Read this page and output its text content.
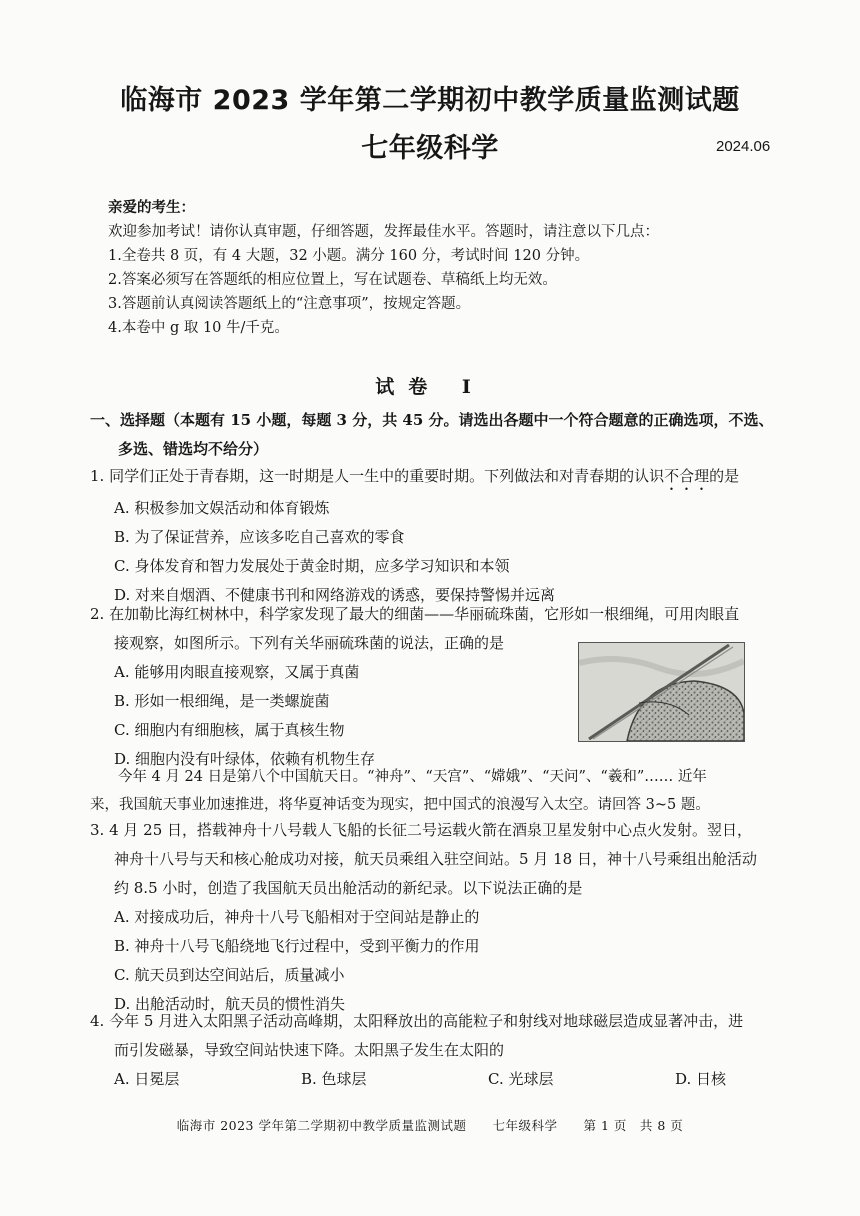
临海市 2023 学年第二学期初中教学质量监测试题
七年级科学	2024.06
亲爱的考生：
欢迎参加考试！请你认真审题，仔细答题，发挥最佳水平。答题时，请注意以下几点：
1.全卷共 8 页，有 4 大题，32 小题。满分 160 分，考试时间 120 分钟。
2.答案必须写在答题纸的相应位置上，写在试题卷、草稿纸上均无效。
3.答题前认真阅读答题纸上的“注意事项”，按规定答题。
4.本卷中 g 取 10 牛/千克。
试卷 I
一、选择题（本题有 15 小题，每题 3 分，共 45 分。请选出各题中一个符合题意的正确选项，不选、
多选、错选均不给分）
1. 同学们正处于青春期，这一时期是人一生中的重要时期。下列做法和对青春期的认识不合理的是
A. 积极参加文娱活动和体育锻炼
B. 为了保证营养，应该多吃自己喜欢的零食
C. 身体发育和智力发展处于黄金时期，应多学习知识和本领
D. 对来自烟酒、不健康书刊和网络游戏的诱惑，要保持警惕并远离
2. 在加勒比海红树林中，科学家发现了最大的细菌——华丽硫珠菌，它形如一根细绳，可用肉眼直
接观察，如图所示。下列有关华丽硫珠菌的说法，正确的是
A. 能够用肉眼直接观察，又属于真菌
B. 形如一根细绳，是一类螺旋菌
C. 细胞内有细胞核，属于真核生物
D. 细胞内没有叶绿体，依赖有机物生存
今年 4 月 24 日是第八个中国航天日。“神舟”、“天宫”、“嫦娥”、“天问”、“羲和”…… 近年
来，我国航天事业加速推进，将华夏神话变为现实，把中国式的浪漫写入太空。请回答 3~5 题。
3. 4 月 25 日，搭载神舟十八号载人飞船的长征二号运载火箭在酒泉卫星发射中心点火发射。翌日，
神舟十八号与天和核心舱成功对接，航天员乘组入驻空间站。5 月 18 日，神十八号乘组出舱活动
约 8.5 小时，创造了我国航天员出舱活动的新纪录。以下说法正确的是
A. 对接成功后，神舟十八号飞船相对于空间站是静止的
B. 神舟十八号飞船绕地飞行过程中，受到平衡力的作用
C. 航天员到达空间站后，质量减小
D. 出舱活动时，航天员的惯性消失
4. 今年 5 月进入太阳黑子活动高峰期，太阳释放出的高能粒子和射线对地球磁层造成显著冲击，进
而引发磁暴，导致空间站快速下降。太阳黑子发生在太阳的
A. 日冕层	B. 色球层	C. 光球层	D. 日核
临海市 2023 学年第二学期初中教学质量监测试题　　七年级科学　　第 1 页　共 8 页
